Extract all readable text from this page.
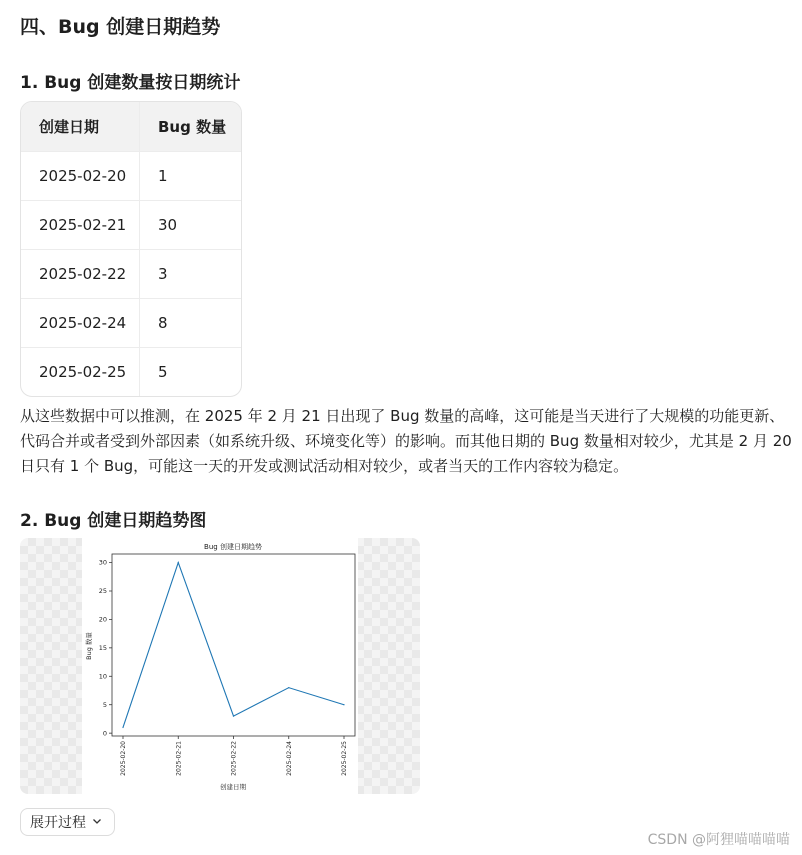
四、Bug 创建日期趋势
1. Bug 创建数量按日期统计
创建日期	Bug 数量
2025-02-20	1
2025-02-21	30
2025-02-22	3
2025-02-24	8
2025-02-25	5

从这些数据中可以推测，在 2025 年 2 月 21 日出现了 Bug 数量的高峰，这可能是当天进行了大规模的功能更新、代码合并或者受到外部因素（如系统升级、环境变化等）的影响。而其他日期的 Bug 数量相对较少，尤其是 2 月 20 日只有 1 个 Bug，可能这一天的开发或测试活动相对较少，或者当天的工作内容较为稳定。

2. Bug 创建日期趋势图
Bug 创建日期趋势
创建日期
Bug 数量
0
5
10
15
20
25
30
2025-02-20	2025-02-21	2025-02-22	2025-02-24	2025-02-25
展开过程
CSDN @阿狸喵喵喵喵
